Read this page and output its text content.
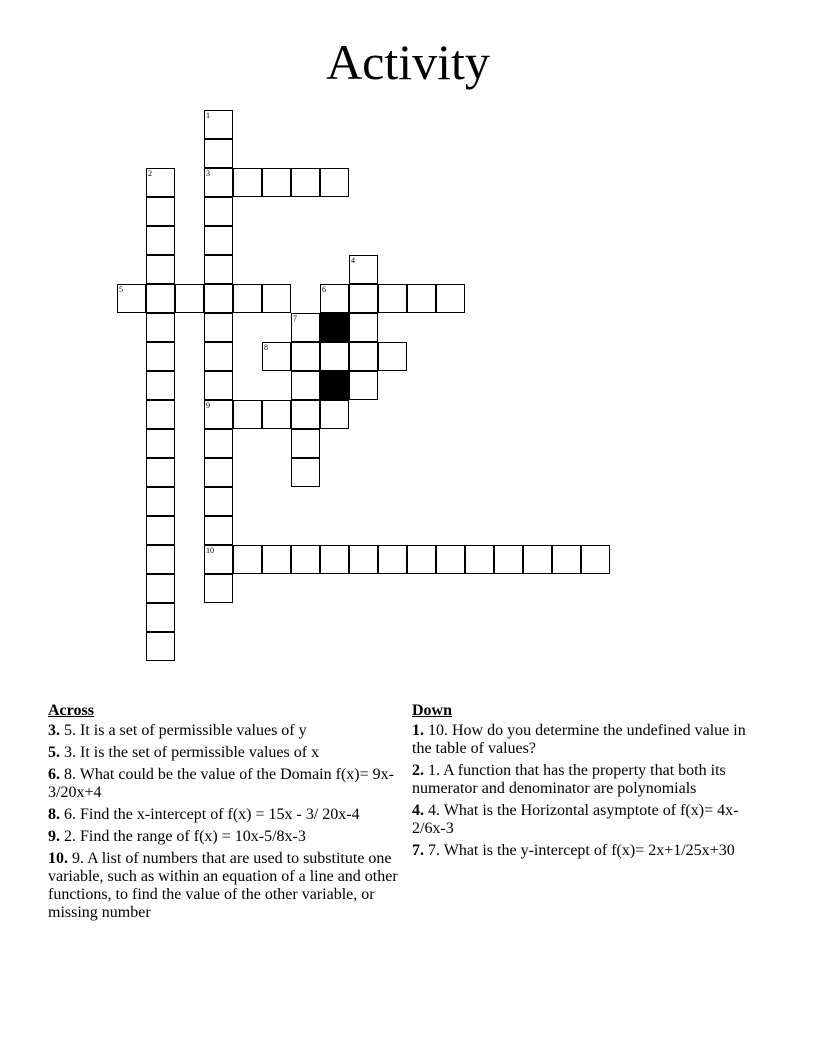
Activity
1
2	3
4
5	6
7
8
9
10
Across
3. 5. It is a set of permissible values of y
5. 3. It is the set of permissible values of x
6. 8. What could be the value of the Domain f(x)= 9x-3/20x+4
8. 6. Find the x-intercept of f(x) = 15x - 3/ 20x-4
9. 2. Find the range of f(x) = 10x-5/8x-3
10. 9. A list of numbers that are used to substitute one variable, such as within an equation of a line and other functions, to find the value of the other variable, or missing number
Down
1. 10. How do you determine the undefined value in the table of values?
2. 1. A function that has the property that both its numerator and denominator are polynomials
4. 4. What is the Horizontal asymptote of f(x)= 4x-2/6x-3
7. 7. What is the y-intercept of f(x)= 2x+1/25x+30
